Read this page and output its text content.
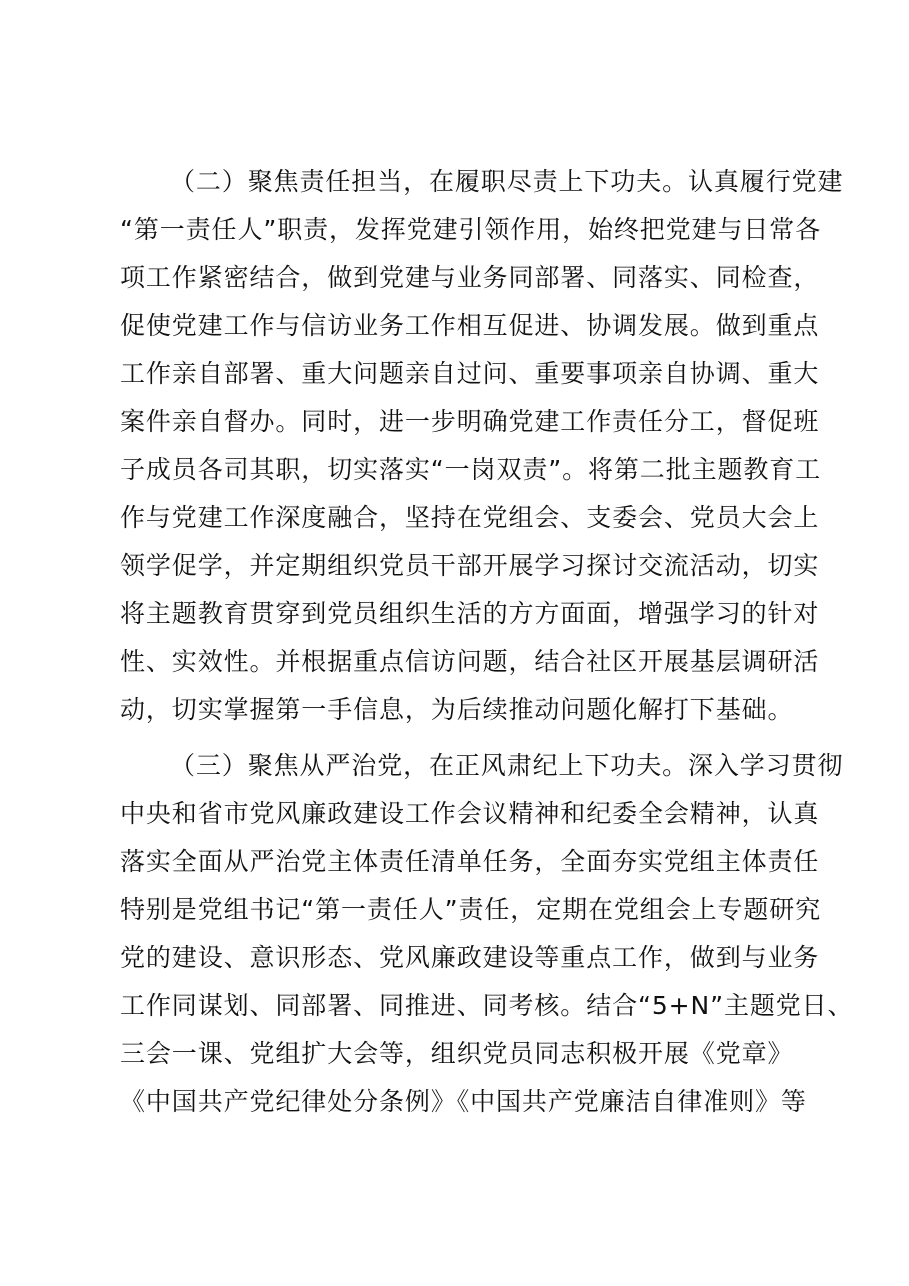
（二）聚焦责任担当，在履职尽责上下功夫。认真履行党建
“第一责任人”职责，发挥党建引领作用，始终把党建与日常各
项工作紧密结合，做到党建与业务同部署、同落实、同检查，
促使党建工作与信访业务工作相互促进、协调发展。做到重点
工作亲自部署、重大问题亲自过问、重要事项亲自协调、重大
案件亲自督办。同时，进一步明确党建工作责任分工，督促班
子成员各司其职，切实落实“一岗双责”。将第二批主题教育工
作与党建工作深度融合，坚持在党组会、支委会、党员大会上
领学促学，并定期组织党员干部开展学习探讨交流活动，切实
将主题教育贯穿到党员组织生活的方方面面，增强学习的针对
性、实效性。并根据重点信访问题，结合社区开展基层调研活
动，切实掌握第一手信息，为后续推动问题化解打下基础。
（三）聚焦从严治党，在正风肃纪上下功夫。深入学习贯彻
中央和省市党风廉政建设工作会议精神和纪委全会精神，认真
落实全面从严治党主体责任清单任务，全面夯实党组主体责任
特别是党组书记“第一责任人”责任，定期在党组会上专题研究
党的建设、意识形态、党风廉政建设等重点工作，做到与业务
工作同谋划、同部署、同推进、同考核。结合“5+N”主题党日、
三会一课、党组扩大会等，组织党员同志积极开展《党章》
《中国共产党纪律处分条例》《中国共产党廉洁自律准则》等
